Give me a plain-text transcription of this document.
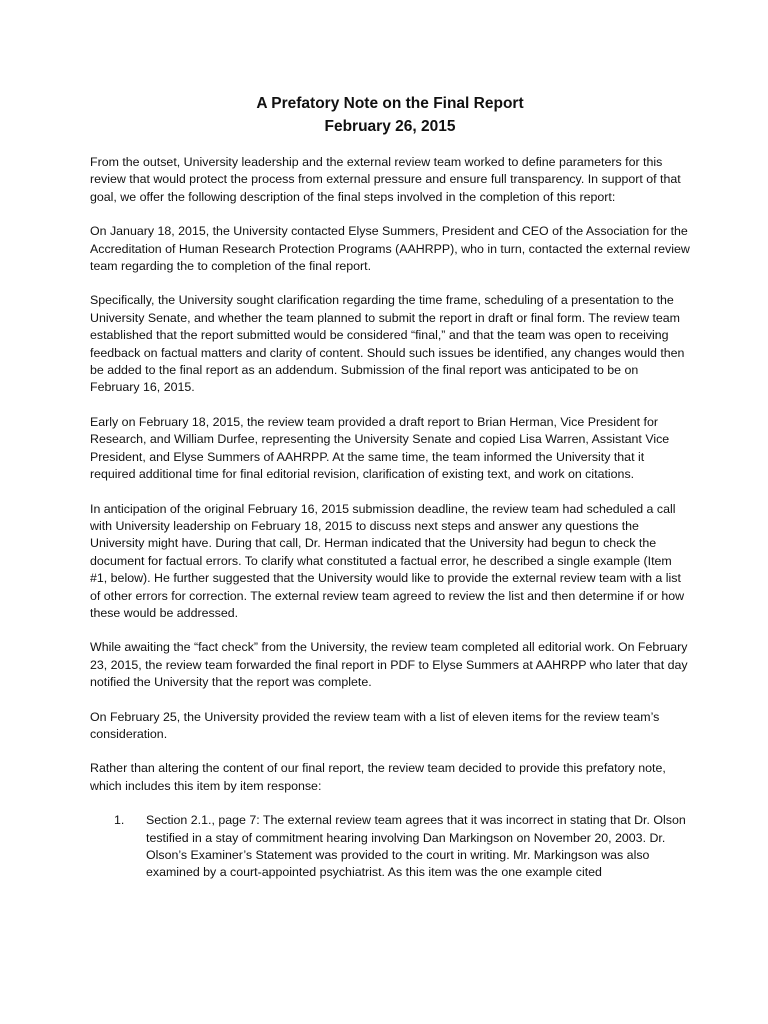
A Prefatory Note on the Final Report

February 26, 2015

From the outset, University leadership and the external review team worked to define parameters for this review that would protect the process from external pressure and ensure full transparency. In support of that goal, we offer the following description of the final steps involved in the completion of this report:

On January 18, 2015, the University contacted Elyse Summers, President and CEO of the Association for the Accreditation of Human Research Protection Programs (AAHRPP), who in turn, contacted the external review team regarding the to completion of the final report.

Specifically, the University sought clarification regarding the time frame, scheduling of a presentation to the University Senate, and whether the team planned to submit the report in draft or final form. The review team established that the report submitted would be considered “final,” and that the team was open to receiving feedback on factual matters and clarity of content. Should such issues be identified, any changes would then be added to the final report as an addendum. Submission of the final report was anticipated to be on February 16, 2015.

Early on February 18, 2015, the review team provided a draft report to Brian Herman, Vice President for Research, and William Durfee, representing the University Senate and copied Lisa Warren, Assistant Vice President, and Elyse Summers of AAHRPP. At the same time, the team informed the University that it required additional time for final editorial revision, clarification of existing text, and work on citations.

In anticipation of the original February 16, 2015 submission deadline, the review team had scheduled a call with University leadership on February 18, 2015 to discuss next steps and answer any questions the University might have. During that call, Dr. Herman indicated that the University had begun to check the document for factual errors. To clarify what constituted a factual error, he described a single example (Item #1, below). He further suggested that the University would like to provide the external review team with a list of other errors for correction. The external review team agreed to review the list and then determine if or how these would be addressed.

While awaiting the “fact check” from the University, the review team completed all editorial work. On February 23, 2015, the review team forwarded the final report in PDF to Elyse Summers at AAHRPP who later that day notified the University that the report was complete.

On February 25, the University provided the review team with a list of eleven items for the review team’s consideration.

Rather than altering the content of our final report, the review team decided to provide this prefatory note, which includes this item by item response:

1.	Section 2.1., page 7: The external review team agrees that it was incorrect in stating that Dr. Olson testified in a stay of commitment hearing involving Dan Markingson on November 20, 2003. Dr. Olson’s Examiner’s Statement was provided to the court in writing. Mr. Markingson was also examined by a court-appointed psychiatrist. As this item was the one example cited
